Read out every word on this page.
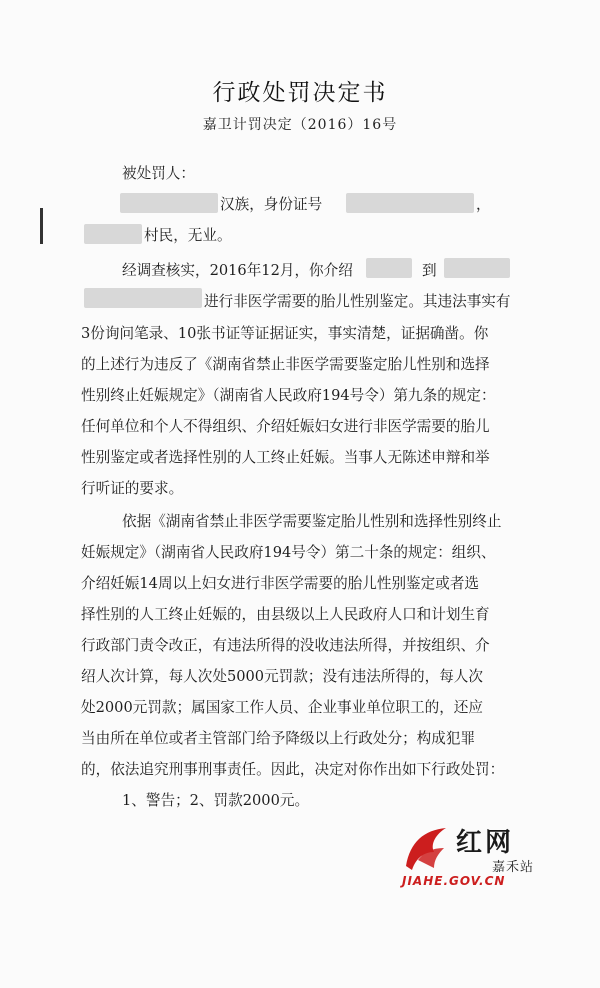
行政处罚决定书
嘉卫计罚决定（2016）16号
被处罚人：
汉族，身份证号	，
村民，无业。
经调查核实，2016年12月，你介绍	到
进行非医学需要的胎儿性别鉴定。其违法事实有
3份询问笔录、10张书证等证据证实，事实清楚，证据确凿。你
的上述行为违反了《湖南省禁止非医学需要鉴定胎儿性别和选择
性别终止妊娠规定》（湖南省人民政府194号令）第九条的规定：
任何单位和个人不得组织、介绍妊娠妇女进行非医学需要的胎儿
性别鉴定或者选择性别的人工终止妊娠。当事人无陈述申辩和举
行听证的要求。
依据《湖南省禁止非医学需要鉴定胎儿性别和选择性别终止
妊娠规定》（湖南省人民政府194号令）第二十条的规定：组织、
介绍妊娠14周以上妇女进行非医学需要的胎儿性别鉴定或者选
择性别的人工终止妊娠的，由县级以上人民政府人口和计划生育
行政部门责令改正，有违法所得的没收违法所得，并按组织、介
绍人次计算，每人次处5000元罚款；没有违法所得的，每人次
处2000元罚款；属国家工作人员、企业事业单位职工的，还应
当由所在单位或者主管部门给予降级以上行政处分；构成犯罪
的，依法追究刑事刑事责任。因此，决定对你作出如下行政处罚：
1、警告；2、罚款2000元。
红网
嘉禾站
JIAHE.GOV.CN
